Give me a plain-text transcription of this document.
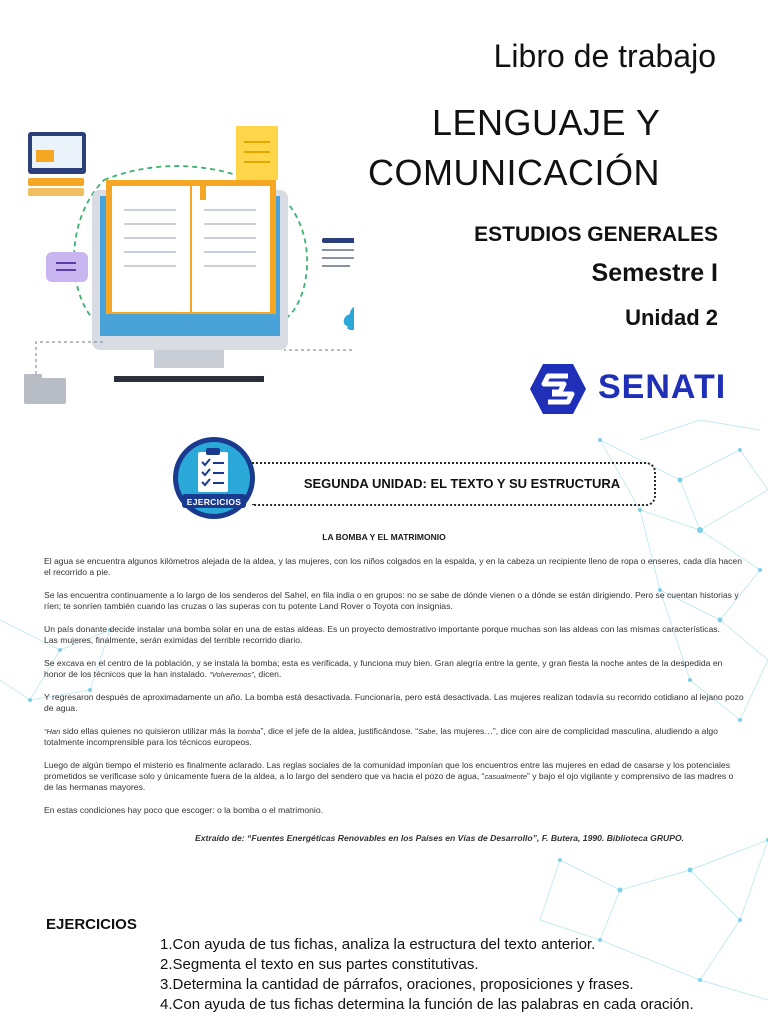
Libro de trabajo
LENGUAJE Y
COMUNICACIÓN
ESTUDIOS GENERALES
Semestre I
Unidad 2
SENATI
EJERCICIOS
SEGUNDA UNIDAD: EL TEXTO Y SU ESTRUCTURA
LA BOMBA Y EL MATRIMONIO

El agua se encuentra algunos kilómetros alejada de la aldea, y las mujeres, con los niños colgados en la espalda, y en la cabeza un recipiente lleno de ropa o enseres, cada día hacen el recorrido a pie.

Se las encuentra continuamente a lo largo de los senderos del Sahel, en fila india o en grupos: no se sabe de dónde vienen o a dónde se están dirigiendo. Pero se cuentan historias y ríen; te sonríen también cuando las cruzas o las superas con tu potente Land Rover o Toyota con insignias.

Un país donante decide instalar una bomba solar en una de estas aldeas. Es un proyecto demostrativo importante porque muchas son las aldeas con las mismas características.
Las mujeres, finalmente, serán eximidas del terrible recorrido diario.

Se excava en el centro de la población, y se instala la bomba; esta es verificada, y funciona muy bien. Gran alegría entre la gente, y gran fiesta la noche antes de la despedida en honor de los técnicos que la han instalado. “Volveremos”, dicen.

Y regresaron después de aproximadamente un año. La bomba está desactivada. Funcionaría, pero está desactivada. Las mujeres realizan todavía su recorrido cotidiano al lejano pozo de agua.

“Han sido ellas quienes no quisieron utilizar más la bomba”, dice el jefe de la aldea, justificándose. “Sabe, las mujeres…”, dice con aire de complicidad masculina, aludiendo a algo totalmente incomprensible para los técnicos europeos.

Luego de algún tiempo el misterio es finalmente aclarado. Las reglas sociales de la comunidad imponían que los encuentros entre las mujeres en edad de casarse y los potenciales prometidos se verificase solo y únicamente fuera de la aldea, a lo largo del sendero que va hacia el pozo de agua, “casualmente” y bajo el ojo vigilante y comprensivo de las madres o de las hermanas mayores.

En estas condiciones hay poco que escoger: o la bomba o el matrimonio.

Extraído de: “Fuentes Energéticas Renovables en los Países en Vías de Desarrollo”, F. Butera, 1990. Biblioteca GRUPO.
EJERCICIOS
1.Con ayuda de tus fichas, analiza la estructura del texto anterior.
2.Segmenta el texto en sus partes constitutivas.
3.Determina la cantidad de párrafos, oraciones, proposiciones y frases.
4.Con ayuda de tus fichas determina la función de las palabras en cada oración.
